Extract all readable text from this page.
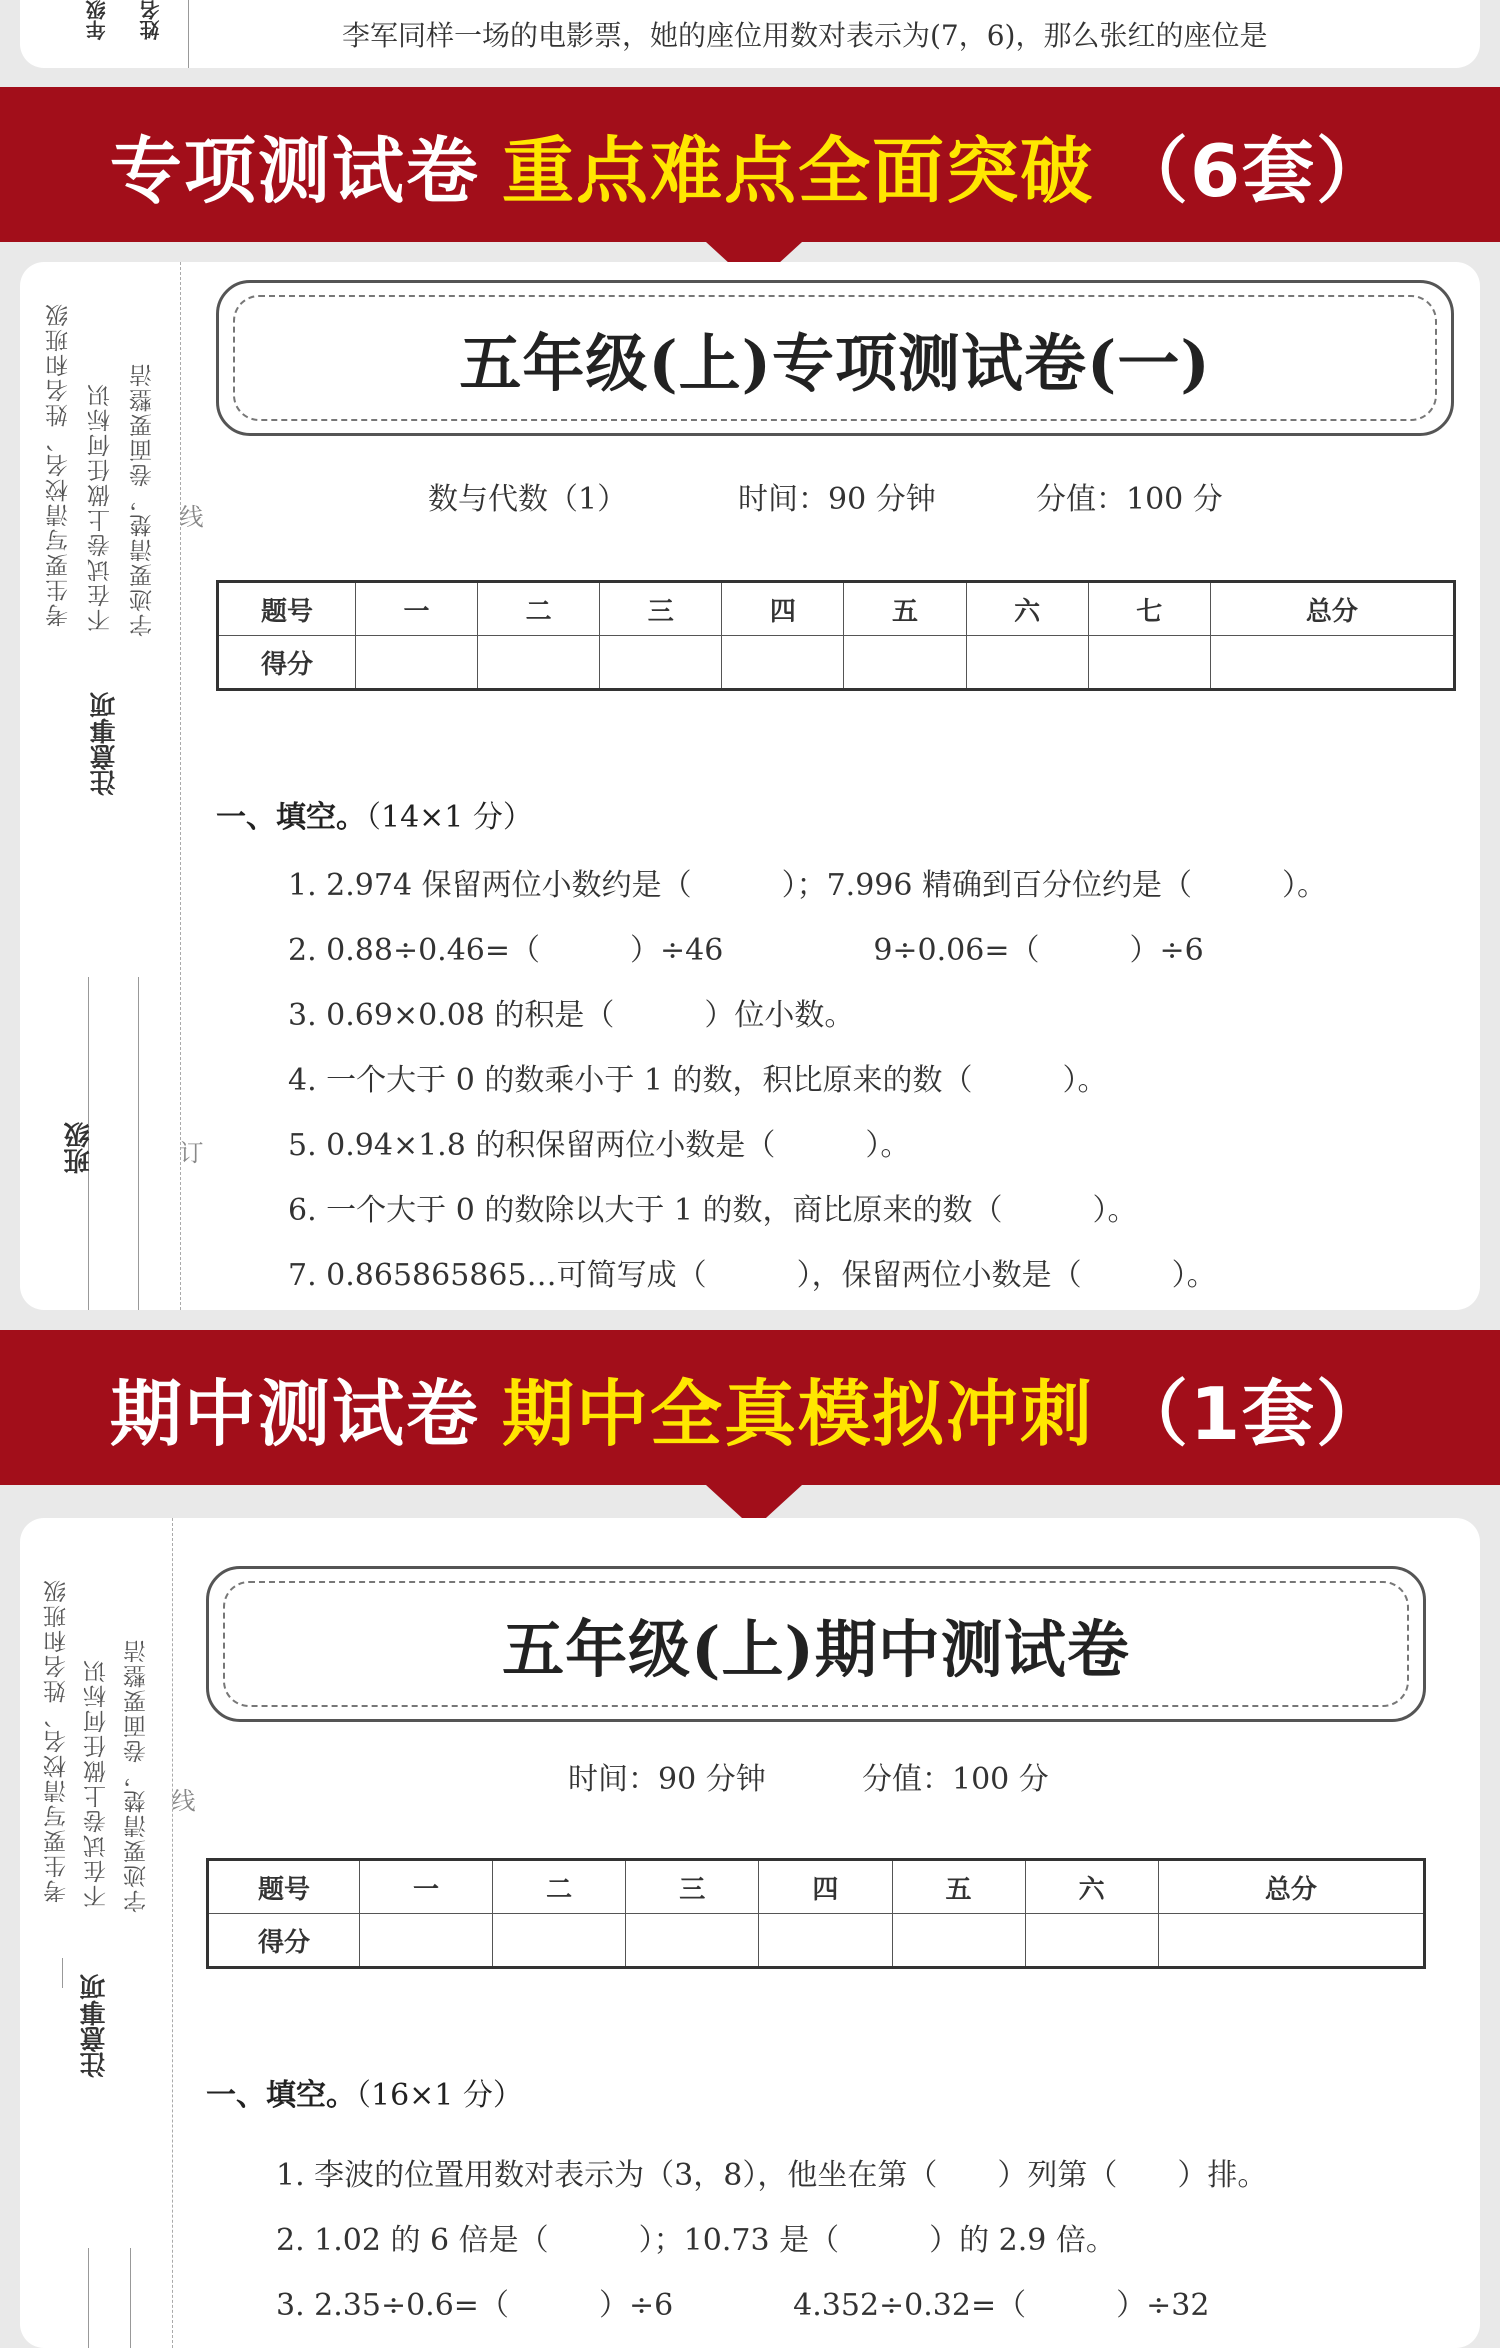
年级 姓名	李军同样一场的电影票，她的座位用数对表示为(7，6)，那么张红的座位是
专项测试卷 重点难点全面突破 （6套）
考生要写清校名、姓名和班级 不在试卷上做任何标识 字迹要清楚，卷面要整洁
注意事项
班级
线
订
五年级(上)专项测试卷(一)
数与代数（1）	时间：90 分钟	分值：100 分
题号	一	二	三	四	五	六	七	总分
得分								
一、填空。（14×1 分）
1. 2.974 保留两位小数约是（　　　）；7.996 精确到百分位约是（　　　）。
2. 0.88÷0.46=（　　　）÷46　　　　　9÷0.06=（　　　）÷6
3. 0.69×0.08 的积是（　　　）位小数。
4. 一个大于 0 的数乘小于 1 的数，积比原来的数（　　　）。
5. 0.94×1.8 的积保留两位小数是（　　　）。
6. 一个大于 0 的数除以大于 1 的数，商比原来的数（　　　）。
7. 0.865865865…可简写成（　　　），保留两位小数是（　　　）。
期中测试卷 期中全真模拟冲刺 （1套）
考生要写清校名、姓名和班级 不在试卷上做任何标识 字迹要清楚，卷面要整洁
注意事项
线
五年级(上)期中测试卷
时间：90 分钟	分值：100 分
题号	一	二	三	四	五	六	总分
得分							
一、填空。（16×1 分）
1. 李波的位置用数对表示为（3，8），他坐在第（　　）列第（　　）排。
2. 1.02 的 6 倍是（　　　）；10.73 是（　　　）的 2.9 倍。
3. 2.35÷0.6=（　　　）÷6　　　　4.352÷0.32=（　　　）÷32
